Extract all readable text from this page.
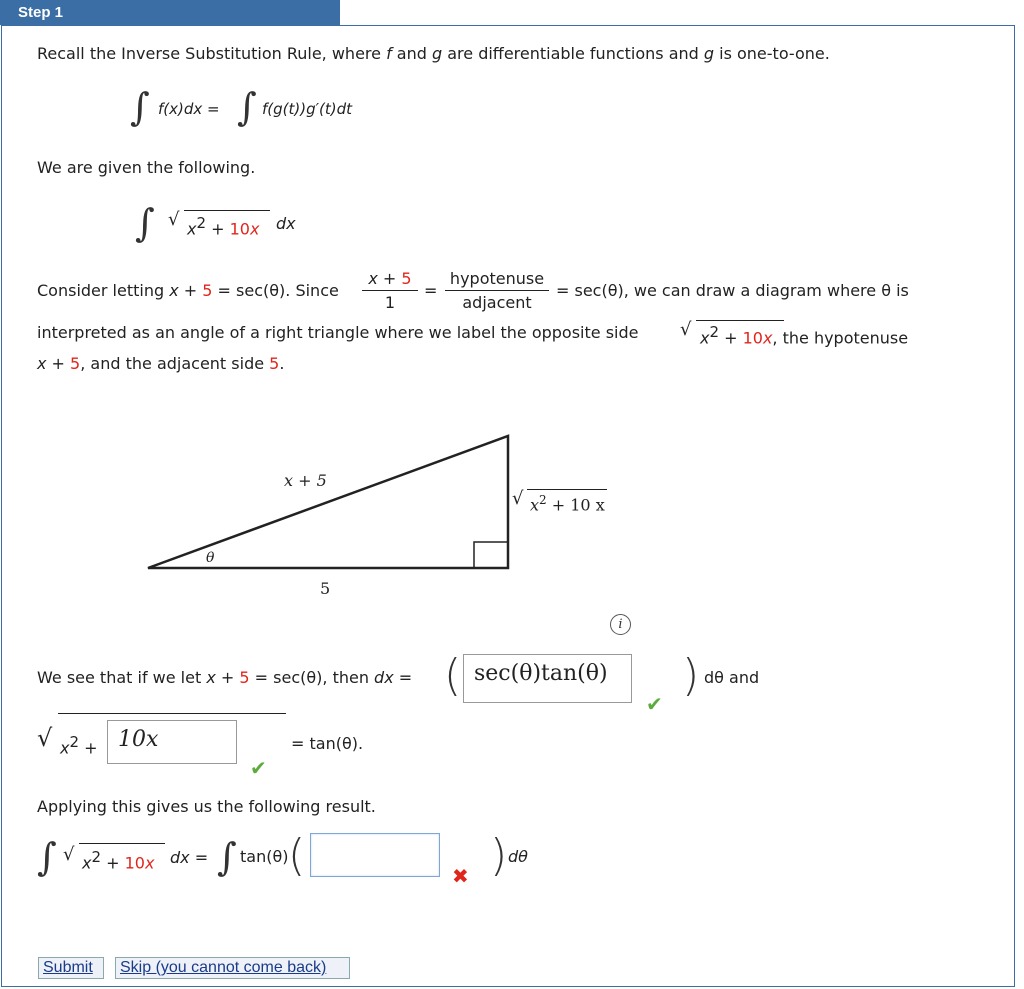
Step 1
Recall the Inverse Substitution Rule, where f and g are differentiable functions and g is one-to-one.
∫ f(x)dx = ∫ f(g(t))g′(t)dt
We are given the following.
∫ √ $x^2 + 10x$ dx
Consider letting x + 5 = sec(θ). Since
x + 5
1
=
hypotenuse
adjacent
= sec(θ), we can draw a diagram where θ is
interpreted as an angle of a right triangle where we label the opposite side √ $x^2 + 10x$, the hypotenuse
x + 5, and the adjacent side 5.
x + 5
√ $x^2 + 10$ x
θ
5
i
We see that if we let x + 5 = sec(θ), then dx = ( sec(θ)tan(θ)
✔
) dθ and
√ $x^2 + 10x$
✔
= tan(θ).
Applying this gives us the following result.
∫ √ $x^2 + 10x$ dx = ∫ tan(θ) (	✖ ) dθ
Submit	Skip (you cannot come back)
